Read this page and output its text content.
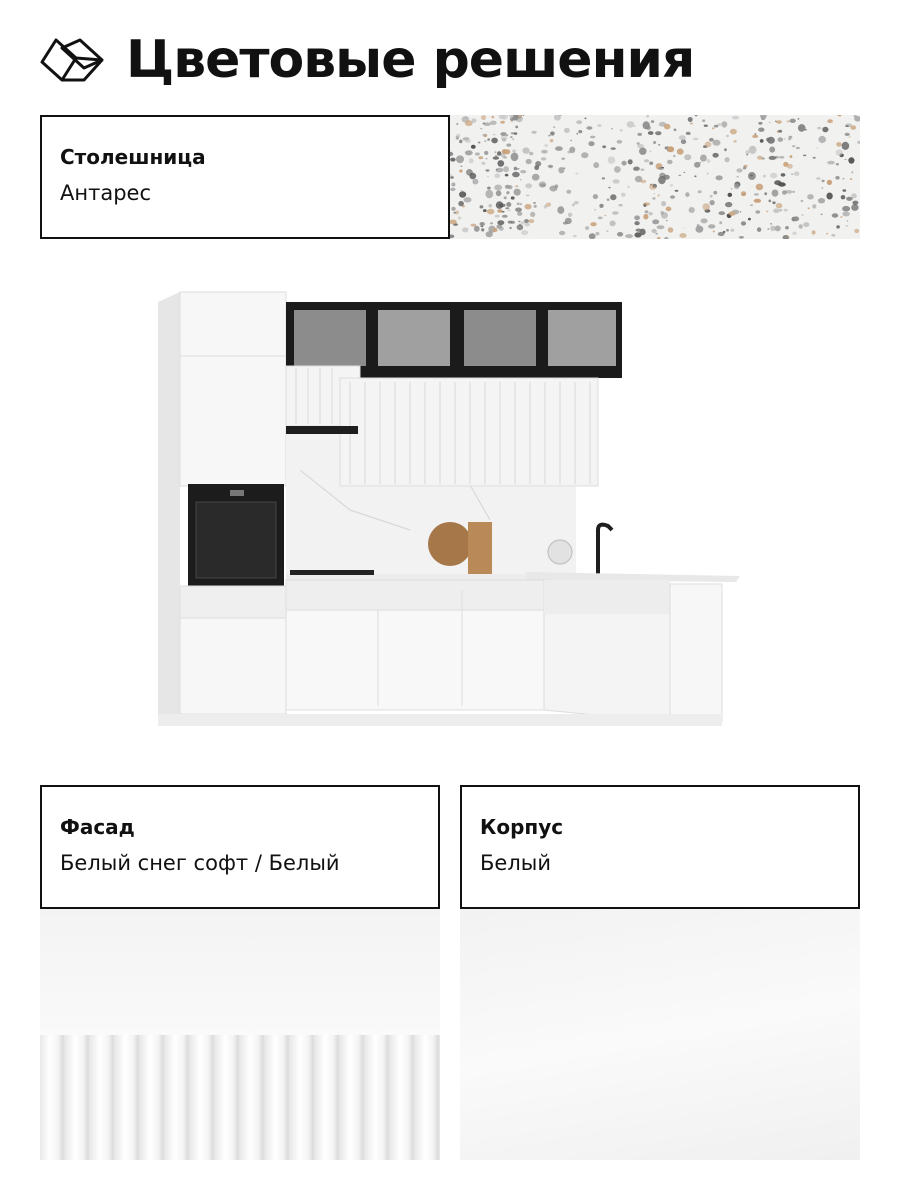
Цветовые решения
Столешница
Антарес
Фасад
Белый снег софт / Белый
Корпус
Белый
